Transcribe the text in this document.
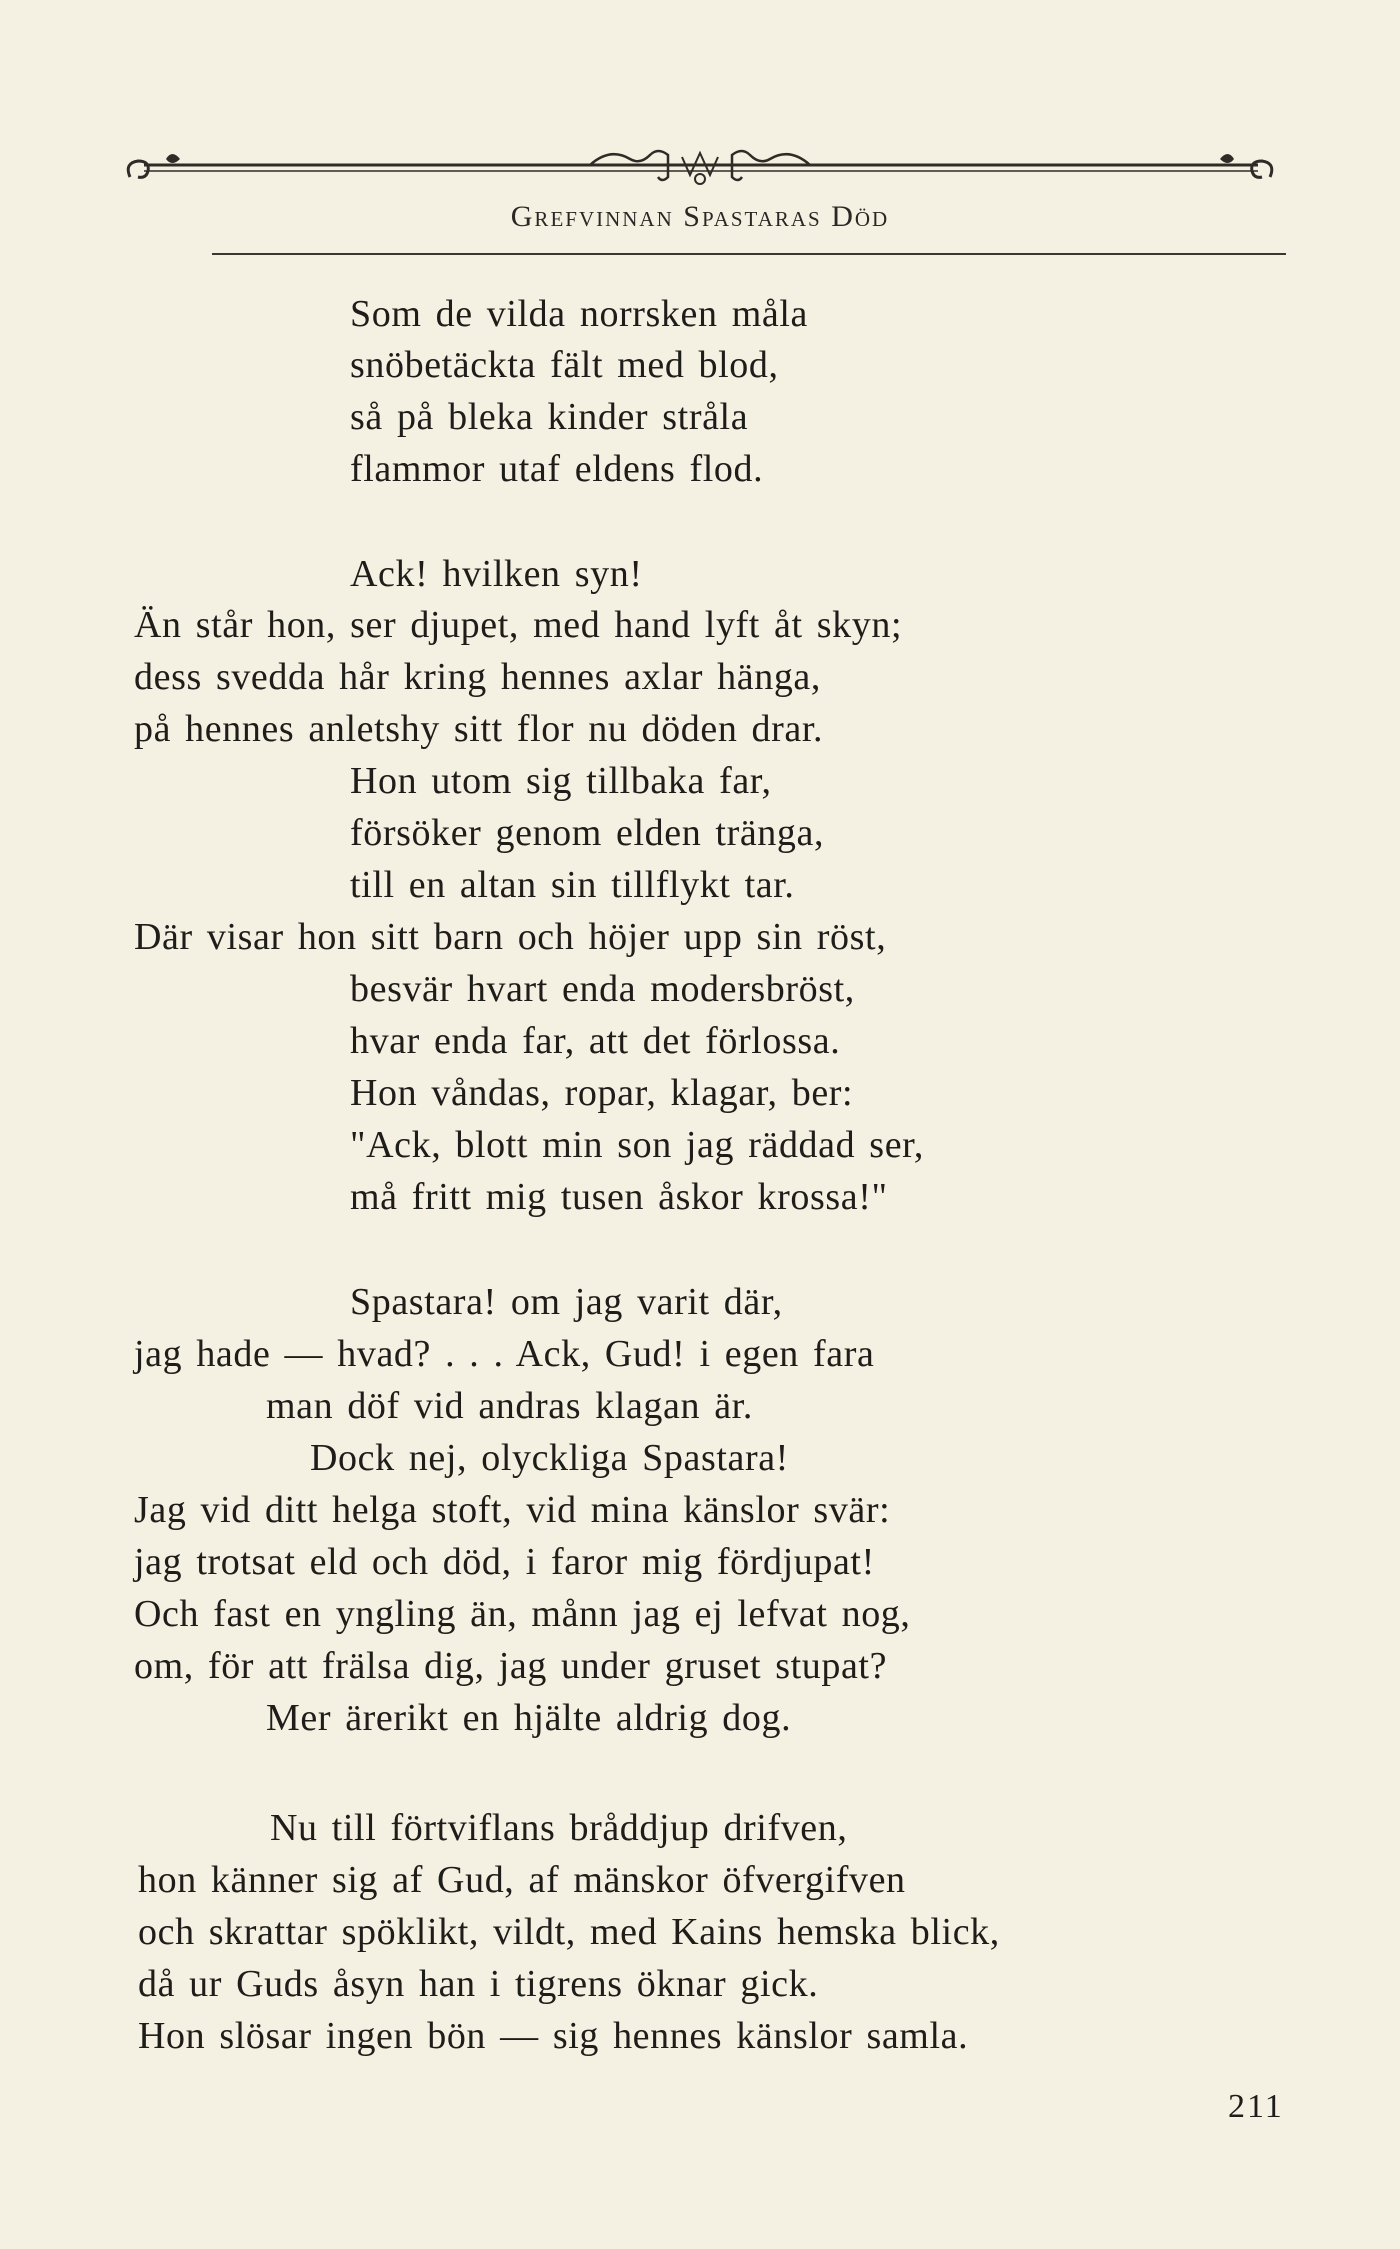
Grefvinnan Spastaras Död
Som de vilda norrsken måla
snöbetäckta fält med blod,
så på bleka kinder stråla
flammor utaf eldens flod.
Ack! hvilken syn!
Än står hon, ser djupet, med hand lyft åt skyn;
dess svedda hår kring hennes axlar hänga,
på hennes anletshy sitt flor nu döden drar.
Hon utom sig tillbaka far,
försöker genom elden tränga,
till en altan sin tillflykt tar.
Där visar hon sitt barn och höjer upp sin röst,
besvär hvart enda modersbröst,
hvar enda far, att det förlossa.
Hon våndas, ropar, klagar, ber:
"Ack, blott min son jag räddad ser,
må fritt mig tusen åskor krossa!"
Spastara! om jag varit där,
jag hade — hvad? . . . Ack, Gud! i egen fara
man döf vid andras klagan är.
Dock nej, olyckliga Spastara!
Jag vid ditt helga stoft, vid mina känslor svär:
jag trotsat eld och död, i faror mig fördjupat!
Och fast en yngling än, månn jag ej lefvat nog,
om, för att frälsa dig, jag under gruset stupat?
Mer ärerikt en hjälte aldrig dog.
Nu till förtviflans bråddjup drifven,
hon känner sig af Gud, af mänskor öfvergifven
och skrattar spöklikt, vildt, med Kains hemska blick,
då ur Guds åsyn han i tigrens öknar gick.
Hon slösar ingen bön — sig hennes känslor samla.
211
